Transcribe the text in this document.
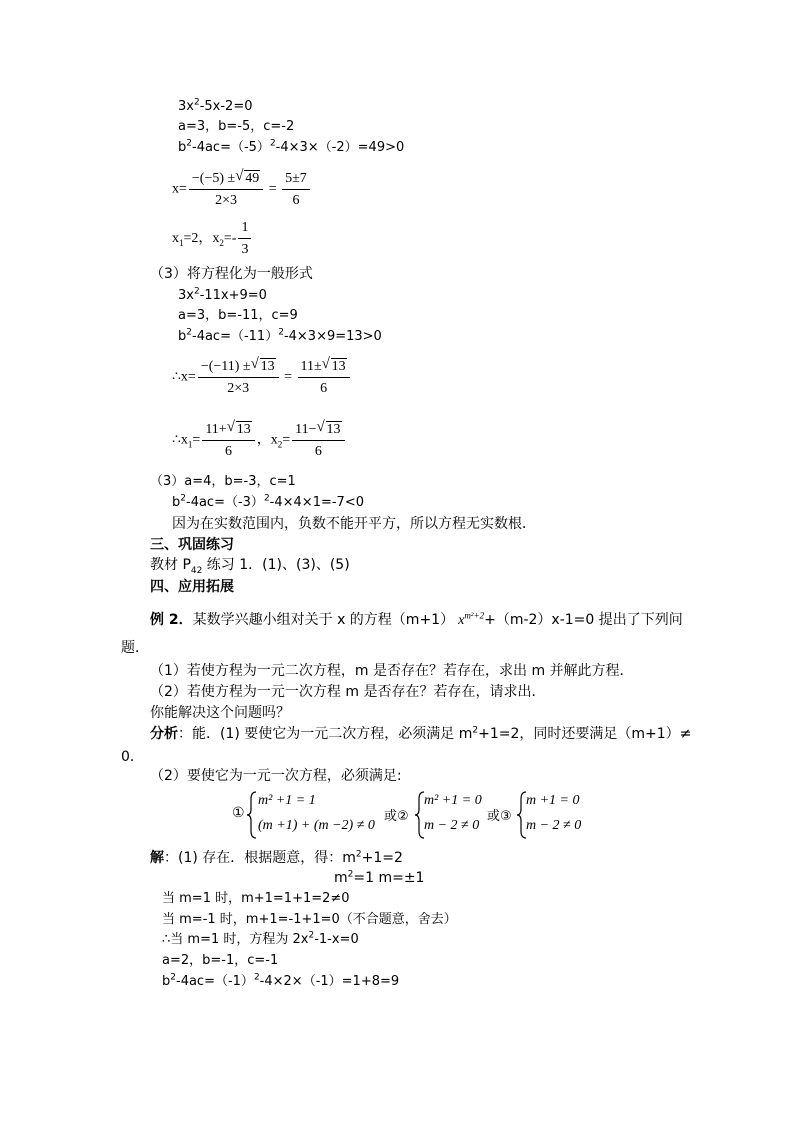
$3x^2-5x-2=0$
a=3，b=-5，c=-2
$b^2-4ac=(-5)^2-4\times 3\times(-2)=49>0$
$x= \frac{-(-5) \pm √ 49}{2\times 3} = \frac{5\pm 7}{6}$
$x_1=2$，$x_2=- \frac{1}{3}$
（3）将方程化为一般形式
$3x^2-11x+9=0$
a=3，b=-11，c=9
$b^2-4ac=(-11)^2-4\times 3\times 9=13>0$
∴x= $\frac{-(-11) \pm √ 13}{2\times 3} = \frac{11\pm √ 13}{6}$
$\therefore x_1= \frac{11+ √ 13}{6}$ ，$x_2= \frac{11- √ 13}{6}$
（3）a=4，b=-3，c=1
$b^2-4ac=(-3)^2-4\times 4\times 1=-7<0$
因为在实数范围内，负数不能开平方，所以方程无实数根．
三、巩固练习
教材 $P_{42}$ 练习 1．(1)、(3)、(5)
四、应用拓展
例 2．某数学兴趣小组对关于 x 的方程（m+1） $x^{m^2+2}+(m-2)x-1=0$ 提出了下列问
题．
（1）若使方程为一元二次方程，m 是否存在？若存在，求出 m 并解此方程．
（2）若使方程为一元一次方程 m 是否存在？若存在，请求出．
你能解决这个问题吗？
分析：能．(1) 要使它为一元二次方程，必须满足 $m^2+1=2$，同时还要满足（m+1）≠
0．
（2）要使它为一元一次方程，必须满足:
①
m² +1 = 1
(m +1) + (m −2) ≠ 0
或②
m² +1 = 0
m − 2 ≠ 0
或③
m +1 = 0
m − 2 ≠ 0
解：(1) 存在．根据题意，得：$m^2+1=2$
$m^2=1$ m=±1
当 m=1 时，m+1=1+1=2≠0
当 m=-1 时，m+1=-1+1=0（不合题意，舍去）
∴当 m=1 时，方程为 $2x^2-1-x=0$
a=2，b=-1，c=-1
$b^2-4ac=(-1)^2-4\times 2\times(-1)=1+8=9$
